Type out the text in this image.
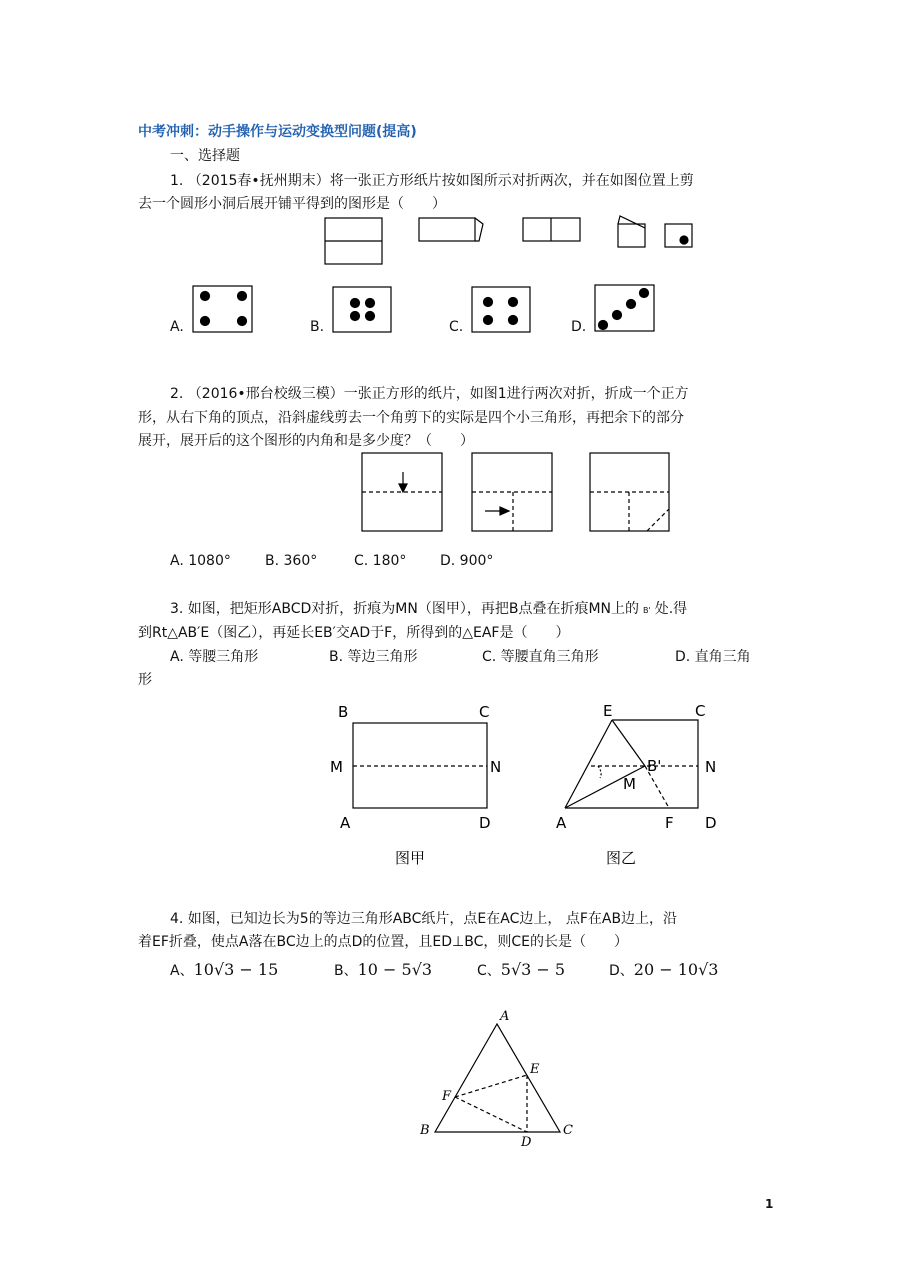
中考冲刺：动手操作与运动变换型问题(提高)
一、选择题
1. （2015春•抚州期末）将一张正方形纸片按如图所示对折两次，并在如图位置上剪
去一个圆形小洞后展开铺平得到的图形是（　　）
A.	B.	C.	D.
2. （2016•邢台校级三模）一张正方形的纸片，如图1进行两次对折，折成一个正方
形，从右下角的顶点，沿斜虚线剪去一个角剪下的实际是四个小三角形，再把余下的部分
展开，展开后的这个图形的内角和是多少度？（　　）
A. 1080° B. 360°	C. 180° D. 900°
3. 如图，把矩形ABCD对折，折痕为MN（图甲），再把B点叠在折痕MN上的 B' 处.得
到Rt△AB′E（图乙），再延长EB′交AD于F，所得到的△EAF是（　　）
A. 等腰三角形	B. 等边三角形	C. 等腰直角三角形	D. 直角三角
形
B	C
M	N
A	D
图甲
E	C
B'	N
M
A	F D
图乙
4. 如图，已知边长为5的等边三角形ABC纸片，点E在AC边上， 点F在AB边上，沿
着EF折叠，使点A落在BC边上的点D的位置，且ED⊥BC，则CE的长是（　　）
A、10√3 − 15	B、10 − 5√3	C、5√3 − 5	D、20 − 10√3
A
E
F
B
D
C
1
